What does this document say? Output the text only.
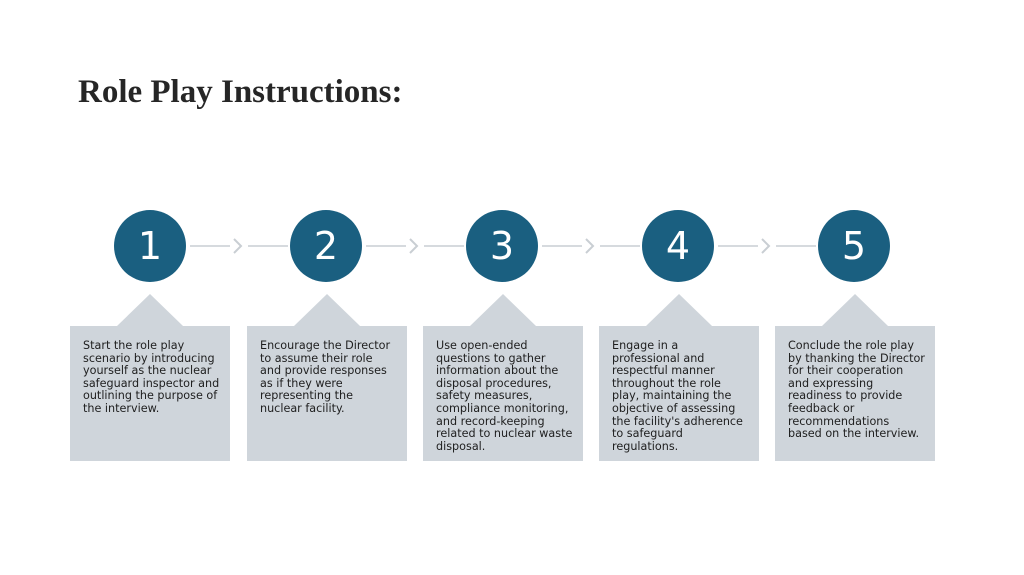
Role Play Instructions:
1

Start the role play scenario by introducing yourself as the nuclear safeguard inspector and outlining the purpose of the interview.

2

Encourage the Director to assume their role and provide responses as if they were representing the nuclear facility.

3

Use open-ended questions to gather information about the disposal procedures, safety measures, compliance monitoring, and record-keeping related to nuclear waste disposal.

4

Engage in a professional and respectful manner throughout the role play, maintaining the objective of assessing the facility's adherence to safeguard regulations.

5

Conclude the role play by thanking the Director for their cooperation and expressing readiness to provide feedback or recommendations based on the interview.
